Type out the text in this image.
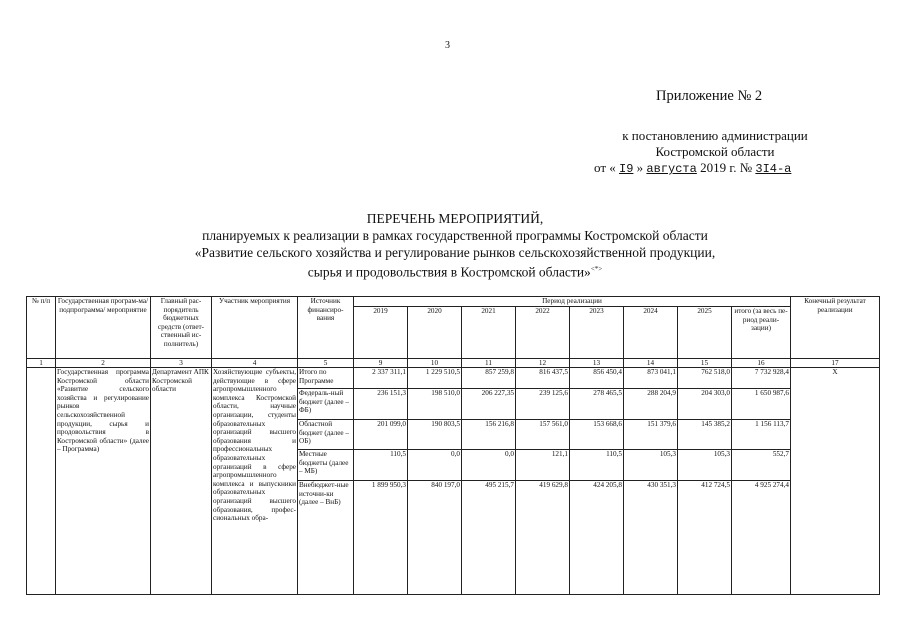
3
Приложение № 2
к постановлению администрации
Костромской области
от « I9 » августа 2019 г. № 3I4-а
ПЕРЕЧЕНЬ МЕРОПРИЯТИЙ,
планируемых к реализации в рамках государственной программы Костромской области
«Развитие сельского хозяйства и регулирование рынков сельскохозяйственной продукции,
сырья и продовольствия в Костромской области»<*>
№ п/п	Государственная програм-ма/подпрограмма/ мероприятие	Главный рас-порядитель бюджетных средств (ответ-ственный ис-полнитель)	Участник мероприятия	Источник финансиро-вания	Период реализации								Конечный результат реализации
					2019	2020	2021	2022	2023	2024	2025	итого (за весь пе-риод реали-зации)	
1	2	3	4	5	9	10	11	12	13	14	15	16	17
	Государственная программа Костромской области «Развитие сельского хозяйства и регулирование рынков сельскохозяйственной продукции, сырья и продовольствия в Костромской области» (далее – Программа)	Департамент АПК Костромской области	Хозяйствующие субъекты, действующие в сфере агропромышленного комплекса Костромской области, научные организации, студенты образовательных организаций высшего образования и профессиональных образовательных организаций в сфере агропромышленного комплекса и выпускники образовательных организаций высшего образования, профес-сиональных обра-	Итого по Программе	2 337 311,1	1 229 510,5	857 259,8	816 437,5	856 450,4	873 041,1	762 518,0	7 732 928,4	Х
				Федераль-ный бюджет (далее – ФБ)	236 151,3	198 510,0	206 227,35	239 125,6	278 465,5	288 204,9	204 303,0	1 650 987,6	
				Областной бюджет (далее – ОБ)	201 099,0	190 803,5	156 216,8	157 561,0	153 668,6	151 379,6	145 385,2	1 156 113,7	
				Местные бюджеты (далее – МБ)	110,5	0,0	0,0	121,1	110,5	105,3	105,3	552,7	
				Внебюджет-ные источни-ки (далее – ВнБ)	1 899 950,3	840 197,0	495 215,7	419 629,8	424 205,8	430 351,3	412 724,5	4 925 274,4	
